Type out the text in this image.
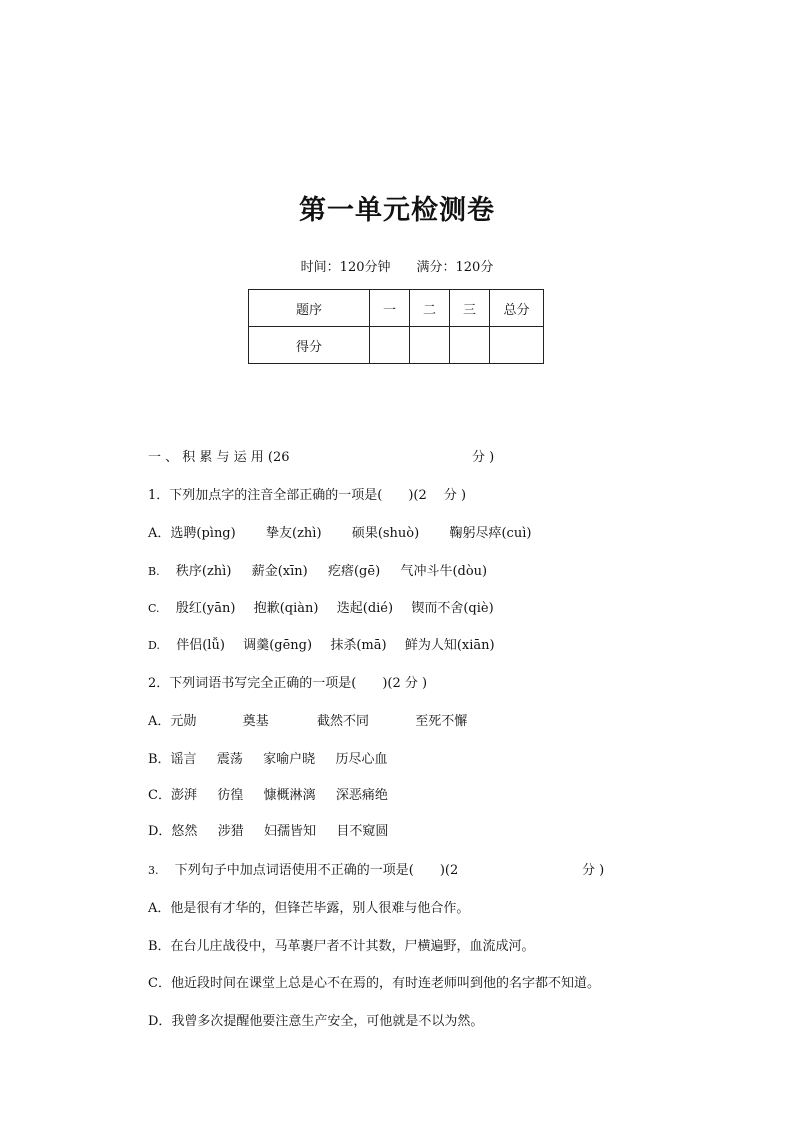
第一单元检测卷
时间：120分钟 满分：120分
题序	一	二	三	总分
得分				
一 、 积 累 与 运 用 (26	分 )
1．下列加点字的注音全部正确的一项是(　　)(2　 分 )
A．选聘(pìng) 挚友(zhì) 硕果(shuò) 鞠躬尽瘁(cuì)
B. 秩序(zhì) 薪金(xīn) 疙瘩(gē) 气冲斗牛(dòu)
C. 殷红(yān) 抱歉(qiàn) 迭起(dié) 锲而不舍(qiè)
D. 伴侣(lǚ) 调羹(gēng) 抹杀(mā) 鲜为人知(xiān)
2．下列词语书写完全正确的一项是(　　)(2 分 )
A．元勋	奠基	截然不同	至死不懈
B．谣言 震荡 家喻户晓 历尽心血
C．澎湃 彷徨 慷概淋漓 深恶痛绝
D．悠然 涉猎 妇孺皆知 目不窥圆
3. 下列句子中加点词语使用不正确的一项是(　　)(2	分 )
A．他是很有才华的，但锋芒毕露，别人很难与他合作。
B．在台儿庄战役中，马革裹尸者不计其数，尸横遍野，血流成河。
C．他近段时间在课堂上总是心不在焉的，有时连老师叫到他的名字都不知道。
D．我曾多次提醒他要注意生产安全，可他就是不以为然。
